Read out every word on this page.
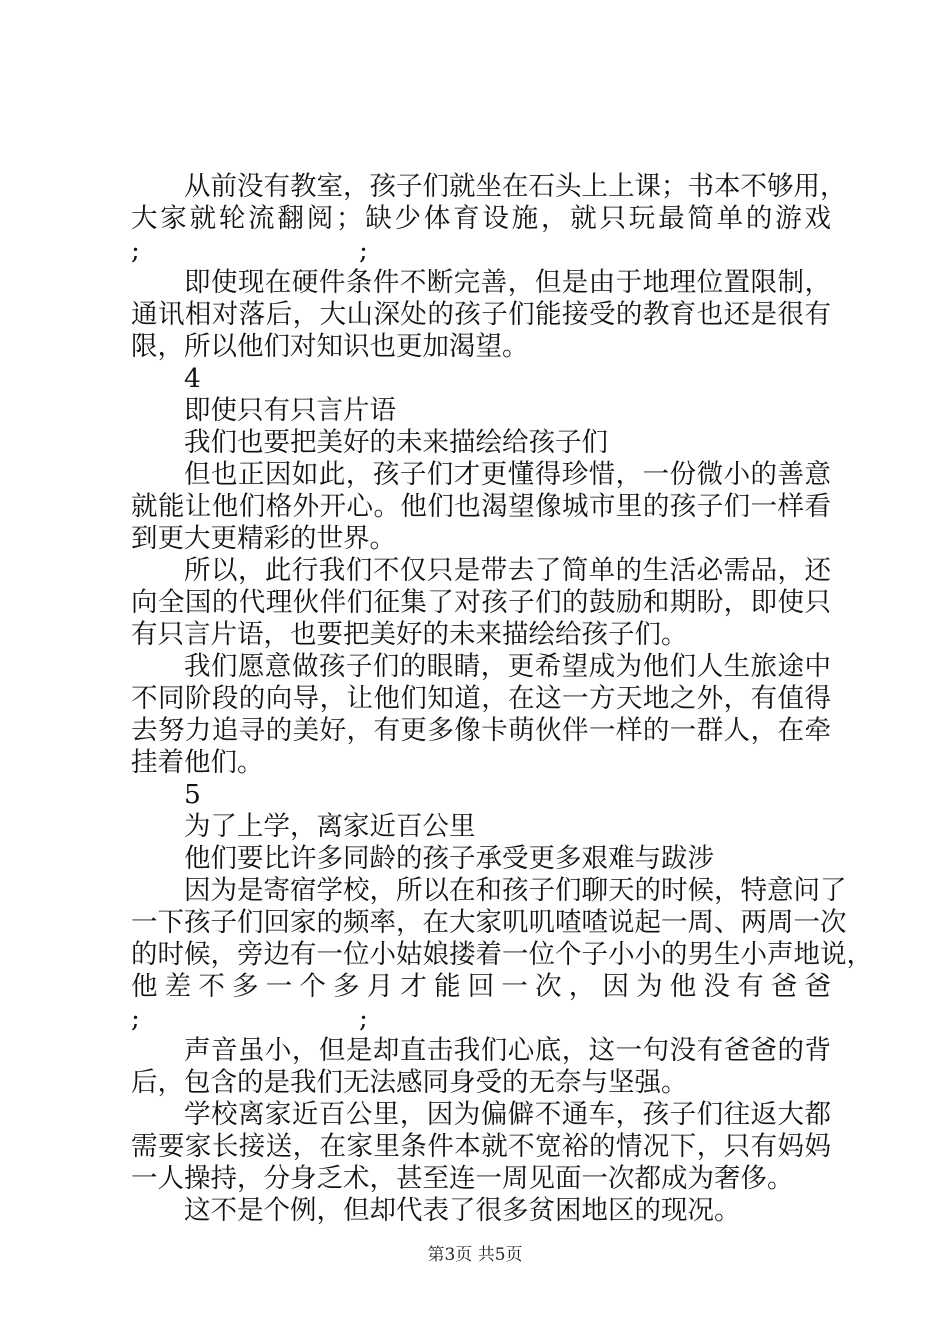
从前没有教室，孩子们就坐在石头上上课；书本不够用，
大家就轮流翻阅；缺少体育设施，就只玩最简单的游戏
;	;

即使现在硬件条件不断完善，但是由于地理位置限制，通讯相对落后，大山深处的孩子们能接受的教育也还是很有限，所以他们对知识也更加渴望。

4

即使只有只言片语

我们也要把美好的未来描绘给孩子们

但也正因如此，孩子们才更懂得珍惜，一份微小的善意就能让他们格外开心。他们也渴望像城市里的孩子们一样看到更大更精彩的世界。

所以，此行我们不仅只是带去了简单的生活必需品，还向全国的代理伙伴们征集了对孩子们的鼓励和期盼，即使只有只言片语，也要把美好的未来描绘给孩子们。

我们愿意做孩子们的眼睛，更希望成为他们人生旅途中不同阶段的向导，让他们知道，在这一方天地之外，有值得去努力追寻的美好，有更多像卡萌伙伴一样的一群人，在牵挂着他们。

5

为了上学，离家近百公里

他们要比许多同龄的孩子承受更多艰难与跋涉

因为是寄宿学校，所以在和孩子们聊天的时候，特意问了
一下孩子们回家的频率，在大家叽叽喳喳说起一周、两周一次
的时候，旁边有一位小姑娘搂着一位个子小小的男生小声地说，
他差不多一个多月才能回一次，因为他没有爸爸
;	;

声音虽小，但是却直击我们心底，这一句没有爸爸的背后，包含的是我们无法感同身受的无奈与坚强。

学校离家近百公里，因为偏僻不通车，孩子们往返大都需要家长接送，在家里条件本就不宽裕的情况下，只有妈妈一人操持，分身乏术，甚至连一周见面一次都成为奢侈。

这不是个例，但却代表了很多贫困地区的现况。

第3页 共5页
